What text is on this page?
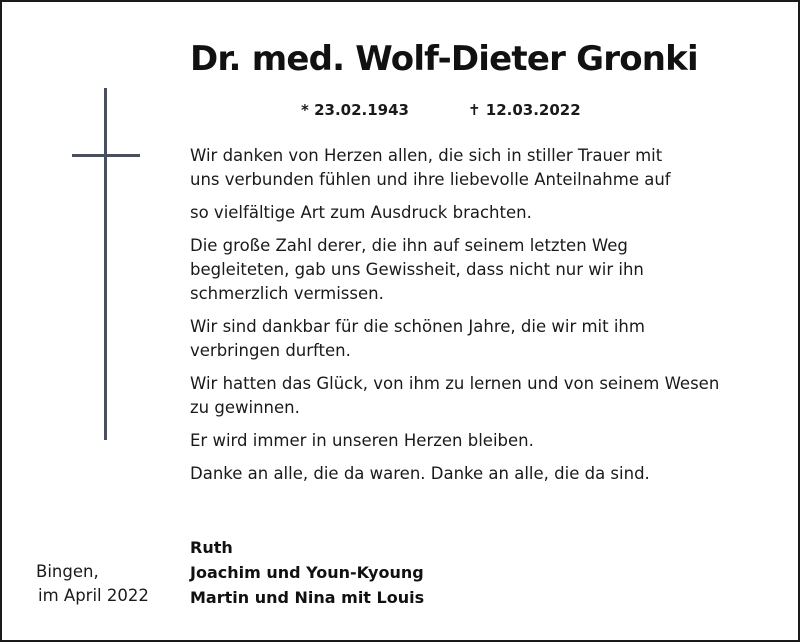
Dr. med. Wolf-Dieter Gronki
* 23.02.1943	✝ 12.03.2022

Wir danken von Herzen allen, die sich in stiller Trauer mit
uns verbunden fühlen und ihre liebevolle Anteilnahme auf

so vielfältige Art zum Ausdruck brachten.

Die große Zahl derer, die ihn auf seinem letzten Weg
begleiteten, gab uns Gewissheit, dass nicht nur wir ihn
schmerzlich vermissen.

Wir sind dankbar für die schönen Jahre, die wir mit ihm
verbringen durften.

Wir hatten das Glück, von ihm zu lernen und von seinem Wesen
zu gewinnen.

Er wird immer in unseren Herzen bleiben.

Danke an alle, die da waren. Danke an alle, die da sind.

Bingen,
im April 2022
Ruth
Joachim und Youn-Kyoung
Martin und Nina mit Louis
